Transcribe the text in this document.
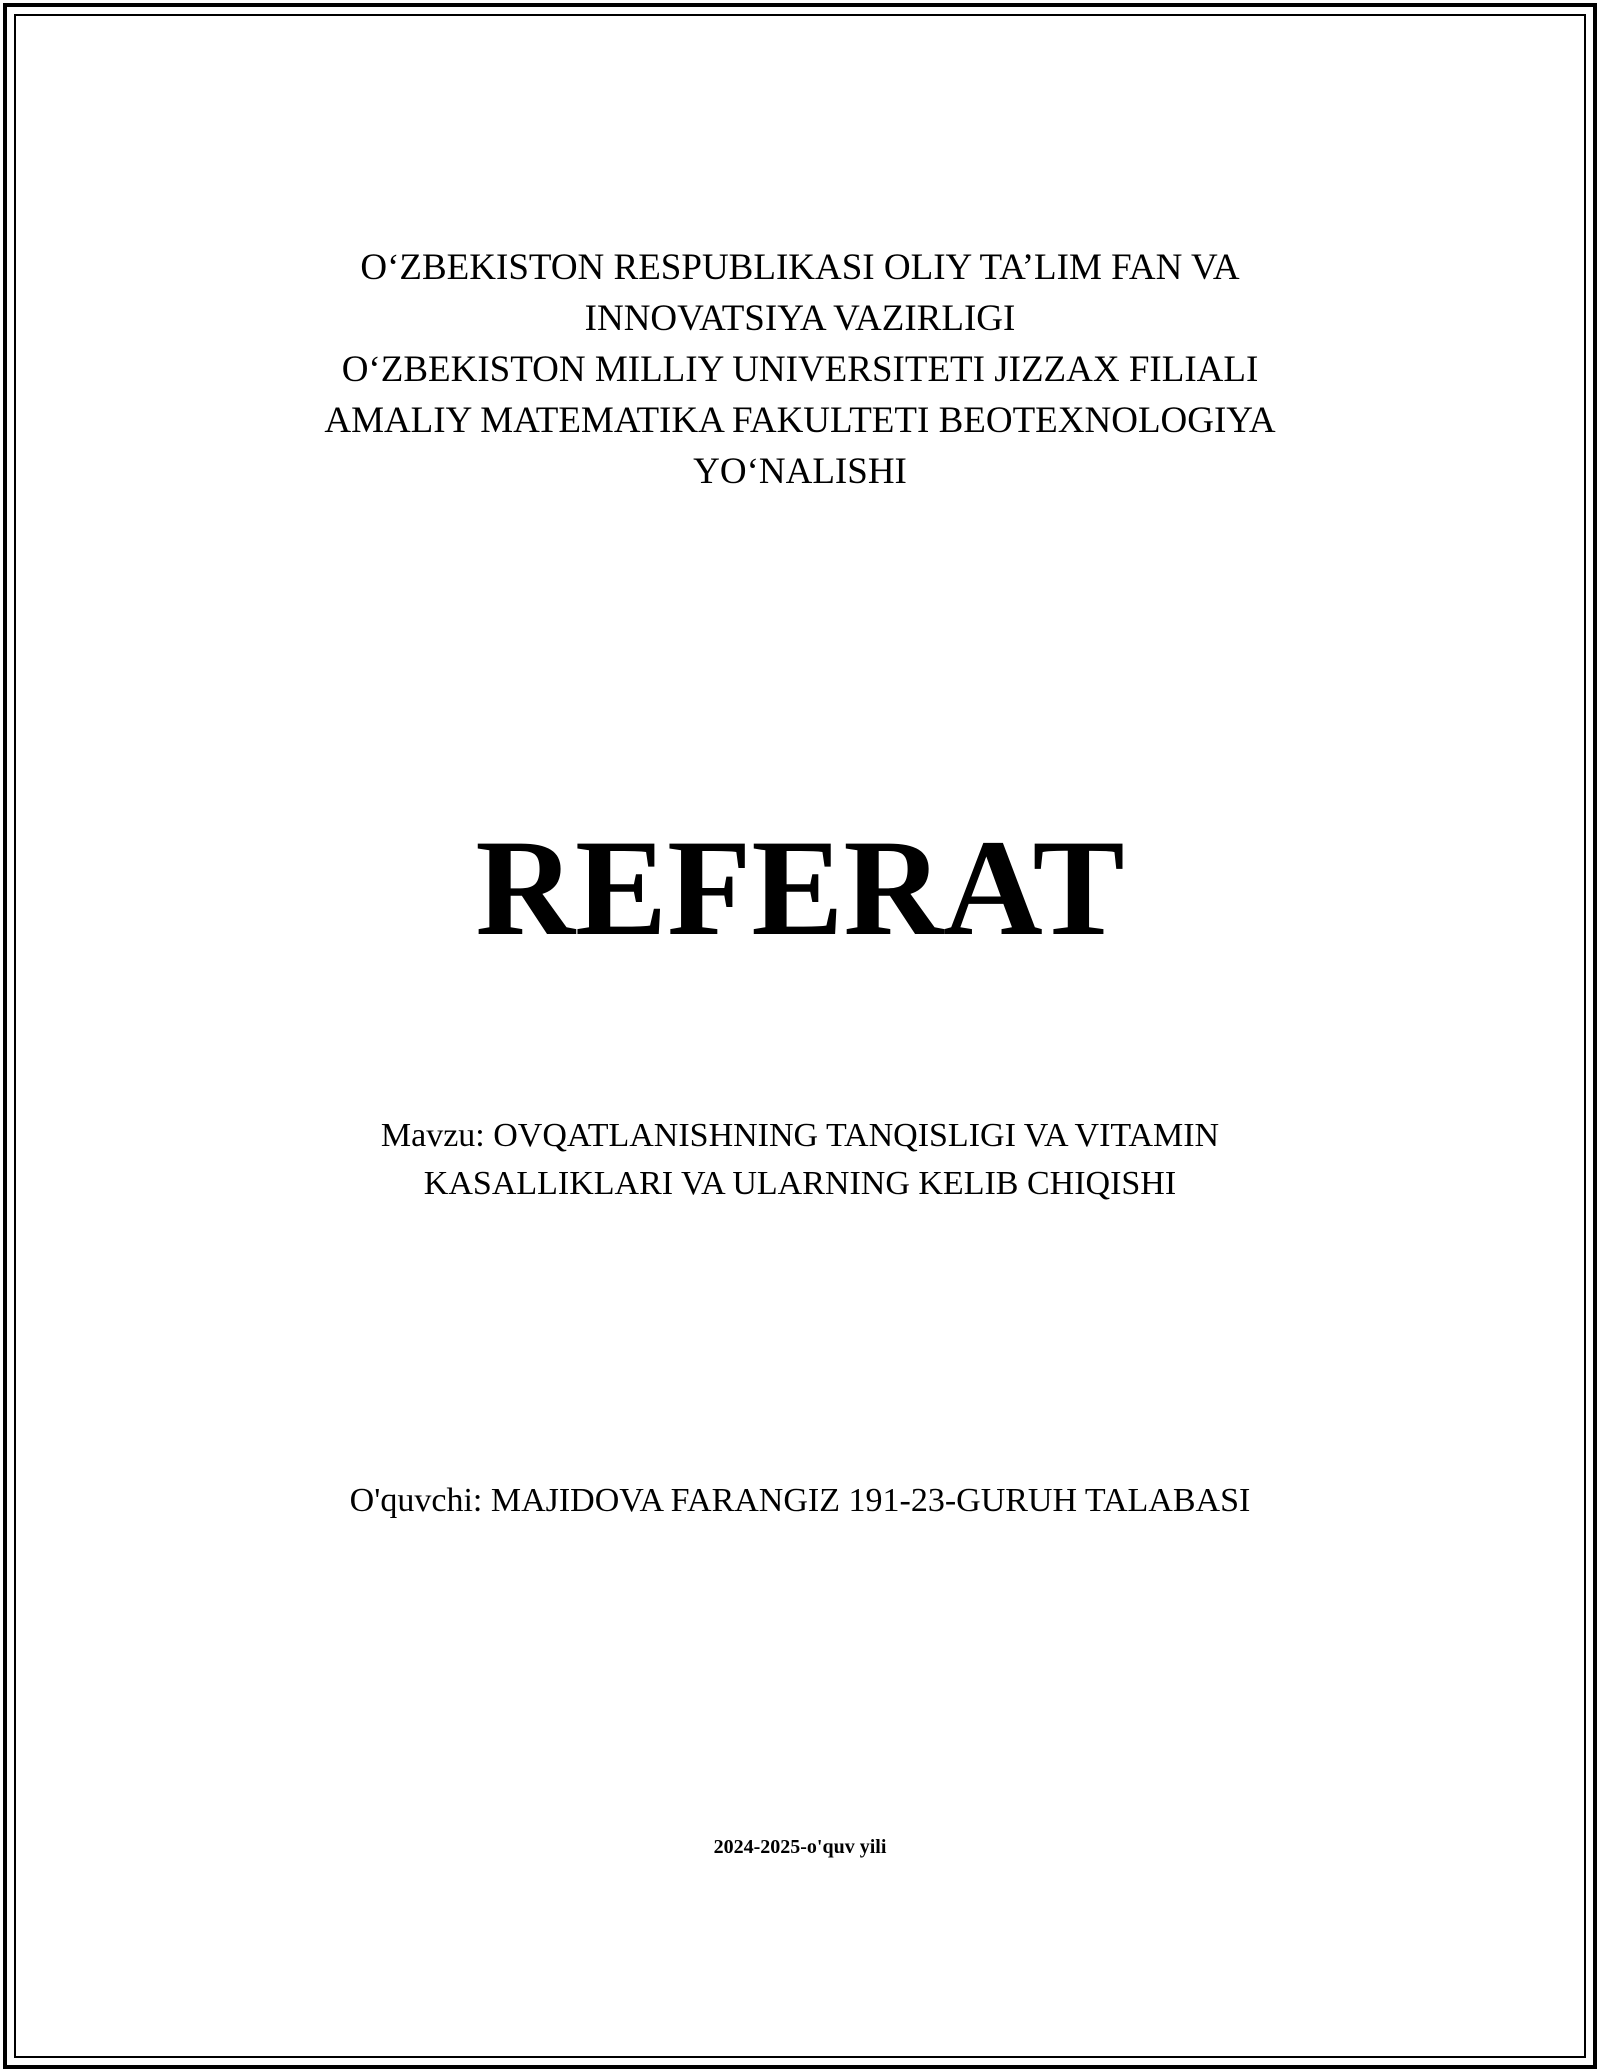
O‘ZBEKISTON RESPUBLIKASI OLIY TA’LIM FAN VA
INNOVATSIYA VAZIRLIGI
O‘ZBEKISTON MILLIY UNIVERSITETI JIZZAX FILIALI
AMALIY MATEMATIKA FAKULTETI BEOTEXNOLOGIYA
YO‘NALISHI
REFERAT
Mavzu: OVQATLANISHNING TANQISLIGI VA VITAMIN
KASALLIKLARI VA ULARNING KELIB CHIQISHI
O'quvchi: MAJIDOVA FARANGIZ 191-23-GURUH TALABASI
2024-2025-o'quv yili
